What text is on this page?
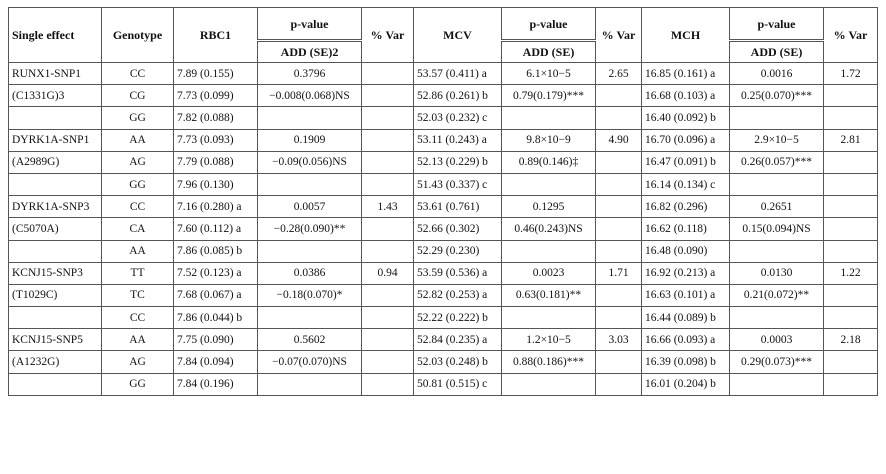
Single effect	Genotype	RBC1	p-value	% Var	MCV	p-value	% Var	MCH	p-value	% Var
			ADD (SE)2			ADD (SE)			ADD (SE)	
RUNX1-SNP1	CC	7.89 (0.155)	0.3796		53.57 (0.411) a	6.1×10−5	2.65	16.85 (0.161) a	0.0016	1.72
(C1331G)3	CG	7.73 (0.099)	−0.008(0.068)NS		52.86 (0.261) b	0.79(0.179)***		16.68 (0.103) a	0.25(0.070)***	
	GG	7.82 (0.088)			52.03 (0.232) c			16.40 (0.092) b		
DYRK1A-SNP1	AA	7.73 (0.093)	0.1909		53.11 (0.243) a	9.8×10−9	4.90	16.70 (0.096) a	2.9×10−5	2.81
(A2989G)	AG	7.79 (0.088)	−0.09(0.056)NS		52.13 (0.229) b	0.89(0.146)‡		16.47 (0.091) b	0.26(0.057)***	
	GG	7.96 (0.130)			51.43 (0.337) c			16.14 (0.134) c		
DYRK1A-SNP3	CC	7.16 (0.280) a	0.0057	1.43	53.61 (0.761)	0.1295		16.82 (0.296)	0.2651	
(C5070A)	CA	7.60 (0.112) a	−0.28(0.090)**		52.66 (0.302)	0.46(0.243)NS		16.62 (0.118)	0.15(0.094)NS	
	AA	7.86 (0.085) b			52.29 (0.230)			16.48 (0.090)		
KCNJ15-SNP3	TT	7.52 (0.123) a	0.0386	0.94	53.59 (0.536) a	0.0023	1.71	16.92 (0.213) a	0.0130	1.22
(T1029C)	TC	7.68 (0.067) a	−0.18(0.070)*		52.82 (0.253) a	0.63(0.181)**		16.63 (0.101) a	0.21(0.072)**	
	CC	7.86 (0.044) b			52.22 (0.222) b			16.44 (0.089) b		
KCNJ15-SNP5	AA	7.75 (0.090)	0.5602		52.84 (0.235) a	1.2×10−5	3.03	16.66 (0.093) a	0.0003	2.18
(A1232G)	AG	7.84 (0.094)	−0.07(0.070)NS		52.03 (0.248) b	0.88(0.186)***		16.39 (0.098) b	0.29(0.073)***	
	GG	7.84 (0.196)			50.81 (0.515) c			16.01 (0.204) b		
